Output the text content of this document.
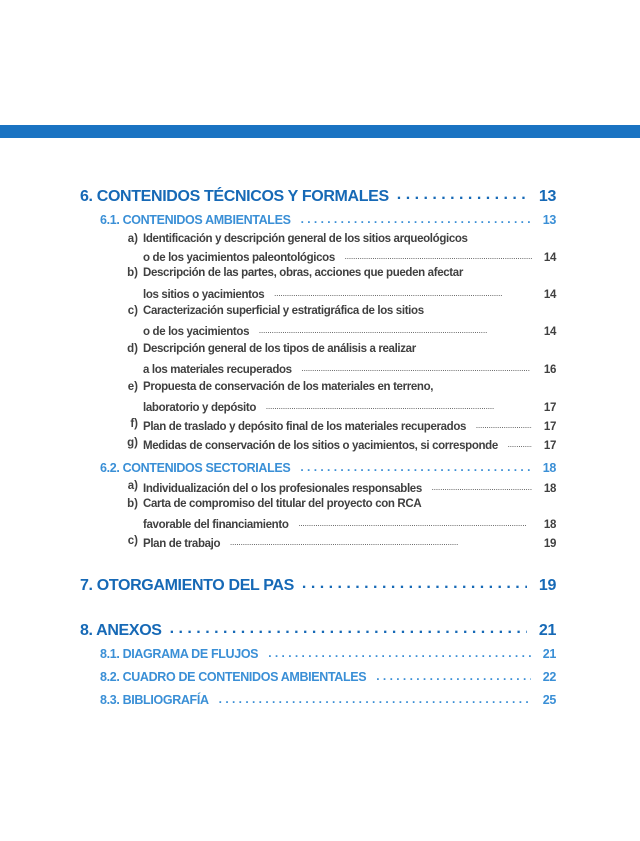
6. CONTENIDOS TÉCNICOS Y FORMALES . . .	13
6.1. CONTENIDOS AMBIENTALES . . .	13
a) Identificación y descripción general de los sitios arqueológicos
o de los yacimientos paleontológicos . . .	14
b) Descripción de las partes, obras, acciones que pueden afectar
los sitios o yacimientos . . .	14
c) Caracterización superficial y estratigráfica de los sitios
o de los yacimientos . . .	14
d) Descripción general de los tipos de análisis a realizar
a los materiales recuperados . . .	16
e) Propuesta de conservación de los materiales en terreno,
laboratorio y depósito . . .	17
f) Plan de traslado y depósito final de los materiales recuperados . . .	17
g) Medidas de conservación de los sitios o yacimientos, si corresponde . . .	17
6.2. CONTENIDOS SECTORIALES . . .	18
a) Individualización del o los profesionales responsables . . .	18
b) Carta de compromiso del titular del proyecto con RCA
favorable del financiamiento . . .	18
c) Plan de trabajo . . .	19
7. OTORGAMIENTO DEL PAS . . .	19
8. ANEXOS . . .	21
8.1. DIAGRAMA DE FLUJOS . . .	21
8.2. CUADRO DE CONTENIDOS AMBIENTALES . . .	22
8.3. BIBLIOGRAFÍA . . .	25
